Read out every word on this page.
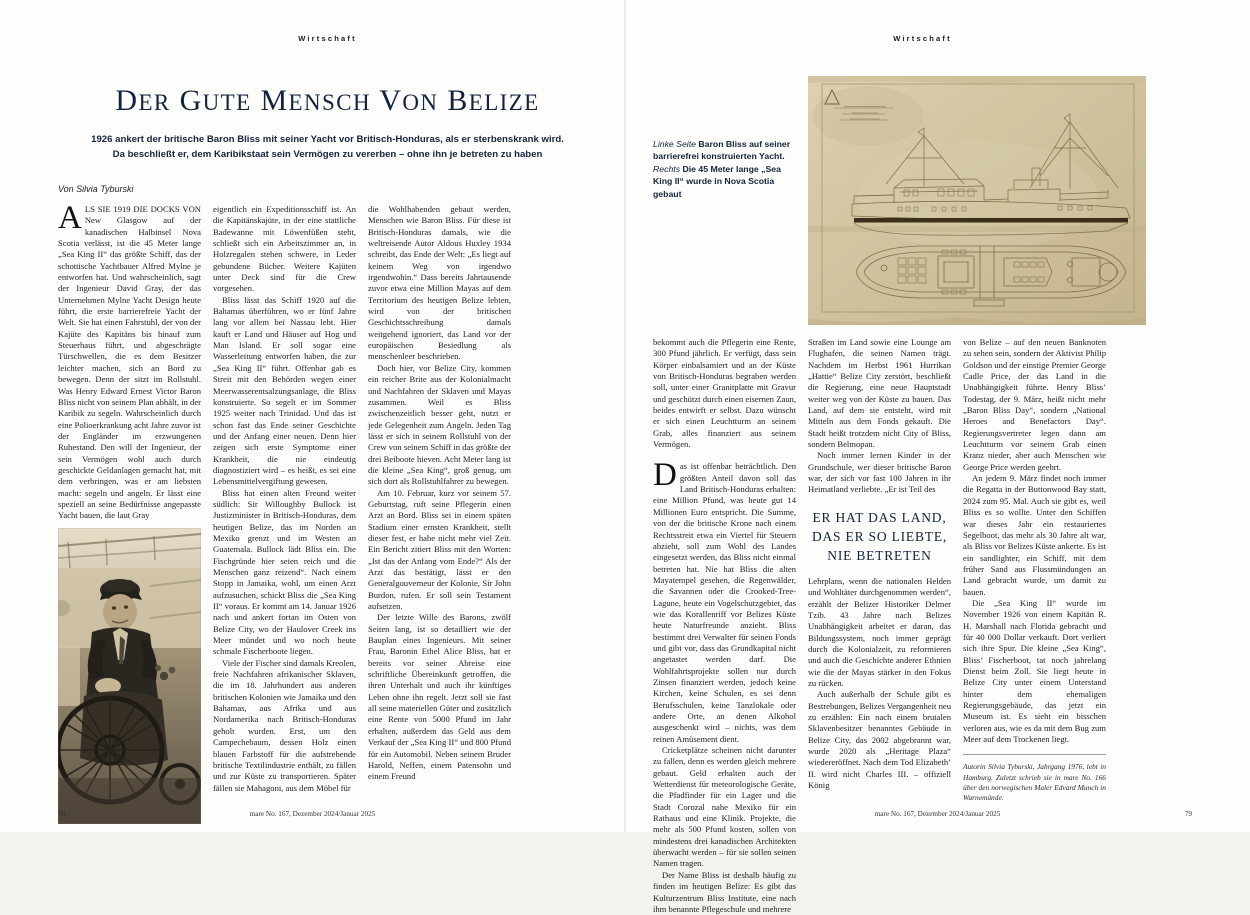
Wirtschaft
DER GUTE MENSCH VON BELIZE
1926 ankert der britische Baron Bliss mit seiner Yacht vor Britisch-Honduras, als er sterbenskrank wird.
Da beschließt er, dem Karibikstaat sein Vermögen zu vererben – ohne ihn je betreten zu haben
Von Silvia Tyburski

ALS SIE 1919 DIE DOCKS VON New Glasgow auf der kanadischen Halbinsel Nova Scotia verlässt, ist die 45 Meter lange „Sea King II“ das größte Schiff, das der schottische Yachtbauer Alfred Mylne je entworfen hat. Und wahrscheinlich, sagt der Ingenieur David Gray, der das Unternehmen Mylne Yacht Design heute führt, die erste barrierefreie Yacht der Welt. Sie hat einen Fahrstuhl, der von der Kajüte des Kapitäns bis hinauf zum Steuerhaus führt, und abgeschrägte Türschwellen, die es dem Besitzer leichter machen, sich an Bord zu bewegen. Denn der sitzt im Rollstuhl. Was Henry Edward Ernest Victor Baron Bliss nicht von seinem Plan abhält, in der Karibik zu segeln. Wahrscheinlich durch eine Polioerkrankung acht Jahre zuvor ist der Engländer im erzwungenen Ruhestand. Den will der Ingenieur, der sein Vermögen wohl auch durch geschickte Geldanlagen gemacht hat, mit dem verbringen, was er am liebsten macht: segeln und angeln. Er lässt eine speziell an seine Bedürfnisse angepasste Yacht bauen, die laut Gray

eigentlich ein Expeditionsschiff ist. An die Kapitänskajüte, in der eine stattliche Badewanne mit Löwenfüßen steht, schließt sich ein Arbeitszimmer an, in Holzregalen stehen schwere, in Leder gebundene Bücher. Weitere Kajüten unter Deck sind für die Crew vorgesehen.

Bliss lässt das Schiff 1920 auf die Bahamas überführen, wo er fünf Jahre lang vor allem bei Nassau lebt. Hier kauft er Land und Häuser auf Hog und Man Island. Er soll sogar eine Wasserleitung entworfen haben, die zur „Sea King II“ führt. Offenbar gab es Streit mit den Behörden wegen einer Meerwasserentsalzungsanlage, die Bliss konstruierte. So segelt er im Sommer 1925 weiter nach Trinidad. Und das ist schon fast das Ende seiner Geschichte und der Anfang einer neuen. Denn hier zeigen sich erste Symptome einer Krankheit, die nie eindeutig diagnostiziert wird – es heißt, es sei eine Lebensmittelvergiftung gewesen.

Bliss hat einen alten Freund weiter südlich: Sir Willoughby Bullock ist Justizminister in Britisch-Honduras, dem heutigen Belize, das im Norden an Mexiko grenzt und im Westen an Guatemala. Bullock lädt Bliss ein. Die Fischgründe hier seien reich und die Menschen ganz reizend“. Nach einem Stopp in Jamaika, wohl, um einen Arzt aufzusuchen, schickt Bliss die „Sea King II“ voraus. Er kommt am 14. Januar 1926 nach und ankert fortan im Osten von Belize City, wo der Haulover Creek ins Meer mündet und wo noch heute schmale Fischerboote liegen.

Viele der Fischer sind damals Kreolen, freie Nachfahren afrikanischer Sklaven, die im 18. Jahrhundert aus anderen britischen Kolonien wie Jamaika und den Bahamas, aus Afrika und aus Nordamerika nach Britisch-Honduras geholt wurden. Erst, um den Campechebaum, dessen Holz einen blauen Farbstoff für die aufstrebende britische Textilindustrie enthält, zu fällen und zur Küste zu transportieren. Später fällen sie Mahagoni, aus dem Möbel für

die Wohlhabenden gebaut werden, Menschen wie Baron Bliss. Für diese ist Britisch-Honduras damals, wie die weltreisende Autor Aldous Huxley 1934 schreibt, das Ende der Welt: „Es liegt auf keinem Weg von irgendwo irgendwohin.“ Dass bereits Jahrtausende zuvor etwa eine Million Mayas auf dem Territorium des heutigen Belize lebten, wird von der britischen Geschichtsschreibung damals weitgehend ignoriert, das Land vor der europäischen Besiedlung als menschenleer beschrieben.

Doch hier, vor Belize City, kommen ein reicher Brite aus der Kolonialmacht und Nachfahren der Sklaven und Mayas zusammen. Weil es Bliss zwischenzeitlich besser geht, nutzt er jede Gelegenheit zum Angeln. Jeden Tag lässt er sich in seinem Rollstuhl von der Crew von seinem Schiff in das größte der drei Beiboote hieven. Acht Meter lang ist die kleine „Sea King“, groß genug, um sich dort als Rollstuhlfahrer zu bewegen.

Am 10. Februar, kurz vor seinem 57. Geburtstag, ruft seine Pflegerin einen Arzt an Bord. Bliss sei in einem späten Stadium einer ernsten Krankheit, stellt dieser fest, er habe nicht mehr viel Zeit. Ein Bericht zitiert Bliss mit den Worten: „Ist das der Anfang vom Ende?“ Als der Arzt das bestätigt, lässt er den Generalgouverneur der Kolonie, Sir John Burdon, rufen. Er soll sein Testament aufsetzen.

Der letzte Wille des Barons, zwölf Seiten lang, ist so detailliert wie der Bauplan eines Ingenieurs. Mit seiner Frau, Baronin Ethel Alice Bliss, hat er bereits vor seiner Abreise eine schriftliche Übereinkunft getroffen, die ihren Unterhalt und auch ihr künftiges Leben ohne ihn regelt. Jetzt soll sie fast all seine materiellen Güter und zusätzlich eine Rente von 5000 Pfund im Jahr erhalten, außerdem das Geld aus dem Verkauf der „Sea King II“ und 800 Pfund für ein Automobil. Neben seinem Bruder Harold, Neffen, einem Patensohn und einem Freund

78	mare No. 167, Dezember 2024/Januar 2025
Wirtschaft

Linke Seite Baron Bliss auf seiner barrierefrei konstruierten Yacht.
Rechts Die 45 Meter lange „Sea King II“ wurde in Nova Scotia gebaut

bekommt auch die Pflegerin eine Rente, 300 Pfund jährlich. Er verfügt, dass sein Körper einbalsamiert und an der Küste von Britisch-Honduras begraben werden soll, unter einer Granitplatte mit Gravur und geschützt durch einen eisernen Zaun, beides entwirft er selbst. Dazu wünscht er sich einen Leuchtturm an seinem Grab, alles finanziert aus seinem Vermögen.

Das ist offenbar beträchtlich. Den größten Anteil davon soll das Land Britisch-Honduras erhalten: eine Million Pfund, was heute gut 14 Millionen Euro entspricht. Die Summe, von der die britische Krone nach einem Rechtsstreit etwa ein Viertel für Steuern abzieht, soll zum Wohl des Landes eingesetzt werden, das Bliss nicht einmal betreten hat. Nie hat Bliss die alten Mayatempel gesehen, die Regenwälder, die Savannen oder die Crooked-Tree-Lagune, heute ein Vogelschutzgebiet, das wie das Korallenriff vor Belizes Küste heute Naturfreunde anzieht. Bliss bestimmt drei Verwalter für seinen Fonds und gibt vor, dass das Grundkapital nicht angetastet werden darf. Die Wohlfahrtsprojekte sollen nur durch Zinsen finanziert werden, jedoch keine Kirchen, keine Schulen, es sei denn Berufsschulen, keine Tanzlokale oder andere Orte, an denen Alkohol ausgeschenkt wird – nichts, was dem reinen Amüsement dient.

Cricketplätze scheinen nicht darunter zu fallen, denn es werden gleich mehrere gebaut. Geld erhalten auch der Wetterdienst für meteorologische Geräte, die Pfadfinder für ein Lager und die Stadt Corozal nahe Mexiko für ein Rathaus und eine Klinik. Projekte, die mehr als 500 Pfund kosten, sollen von mindestens drei kanadischen Architekten überwacht werden – für sie sollen seinen Namen tragen.

Der Name Bliss ist deshalb häufig zu finden im heutigen Belize: Es gibt das Kulturzentrum Bliss Institute, eine nach ihm benannte Pflegeschule und mehrere

Straßen im Land sowie eine Lounge am Flughafen, die seinen Namen trägt. Nachdem im Herbst 1961 Hurrikan „Hattie“ Belize City zerstört, beschließt die Regierung, eine neue Hauptstadt weiter weg von der Küste zu bauen. Das Land, auf dem sie entsteht, wird mit Mitteln aus dem Fonds gekauft. Die Stadt heißt trotzdem nicht City of Bliss, sondern Belmopan.

Noch immer lernen Kinder in der Grundschule, wer dieser britische Baron war, der sich vor fast 100 Jahren in ihr Heimatland verliebte. „Er ist Teil des

ER HAT DAS LAND,
DAS ER SO LIEBTE,
NIE BETRETEN

Lehrplans, wenn die nationalen Helden und Wohltäter durchgenommen werden“, erzählt der Belizer Historiker Delmer Tzib. 43 Jahre nach Belizes Unabhängigkeit arbeitet er daran, das Bildungssystem, noch immer geprägt durch die Kolonialzeit, zu reformieren und auch die Geschichte anderer Ethnien wie die der Mayas stärker in den Fokus zu rücken.

Auch außerhalb der Schule gibt es Bestrebungen, Belizes Vergangenheit neu zu erzählen: Ein nach einem brutalen Sklavenbesitzer benanntes Gebäude in Belize City, das 2002 abgebrannt war, wurde 2020 als „Heritage Plaza“ wiedereröffnet. Nach dem Tod Elizabeth’ II. wird nicht Charles III. – offiziell König

von Belize – auf den neuen Banknoten zu sehen sein, sondern der Aktivist Philip Goldson und der einstige Premier George Cadle Price, der das Land in die Unabhängigkeit führte. Henry Bliss’ Todestag, der 9. März, heißt nicht mehr „Baron Bliss Day“, sondern „National Heroes and Benefactors Day“. Regierungsvertreter legen dann am Leuchtturm vor seinem Grab einen Kranz nieder, aber auch Menschen wie George Price werden geehrt.

An jedem 9. März findet noch immer die Regatta in der Buttonwood Bay statt, 2024 zum 95. Mal. Auch sie gibt es, weil Bliss es so wollte. Unter den Schiffen war dieses Jahr ein restauriertes Segelboot, das mehr als 30 Jahre alt war, als Bliss vor Belizes Küste ankerte. Es ist ein sandlighter, ein Schiff, mit dem früher Sand aus Flussmündungen an Land gebracht wurde, um damit zu bauen.

Die „Sea King II“ wurde im November 1926 von einem Kapitän R. H. Marshall nach Florida gebracht und für 40 000 Dollar verkauft. Dort verliert sich ihre Spur. Die kleine „Sea King“, Bliss’ Fischerboot, tat noch jahrelang Dienst beim Zoll. Sie liegt heute in Belize City unter einem Unterstand hinter dem ehemaligen Regierungsgebäude, das jetzt ein Museum ist. Es sieht ein bisschen verloren aus, wie es da mit dem Bug zum Meer auf dem Trockenen liegt.

Autorin Silvia Tyburski, Jahrgang 1976, lebt in Hamburg. Zuletzt schrieb sie in mare No. 166 über den norwegischen Maler Edvard Munch in Warnemünde.
79
mare No. 167, Dezember 2024/Januar 2025
